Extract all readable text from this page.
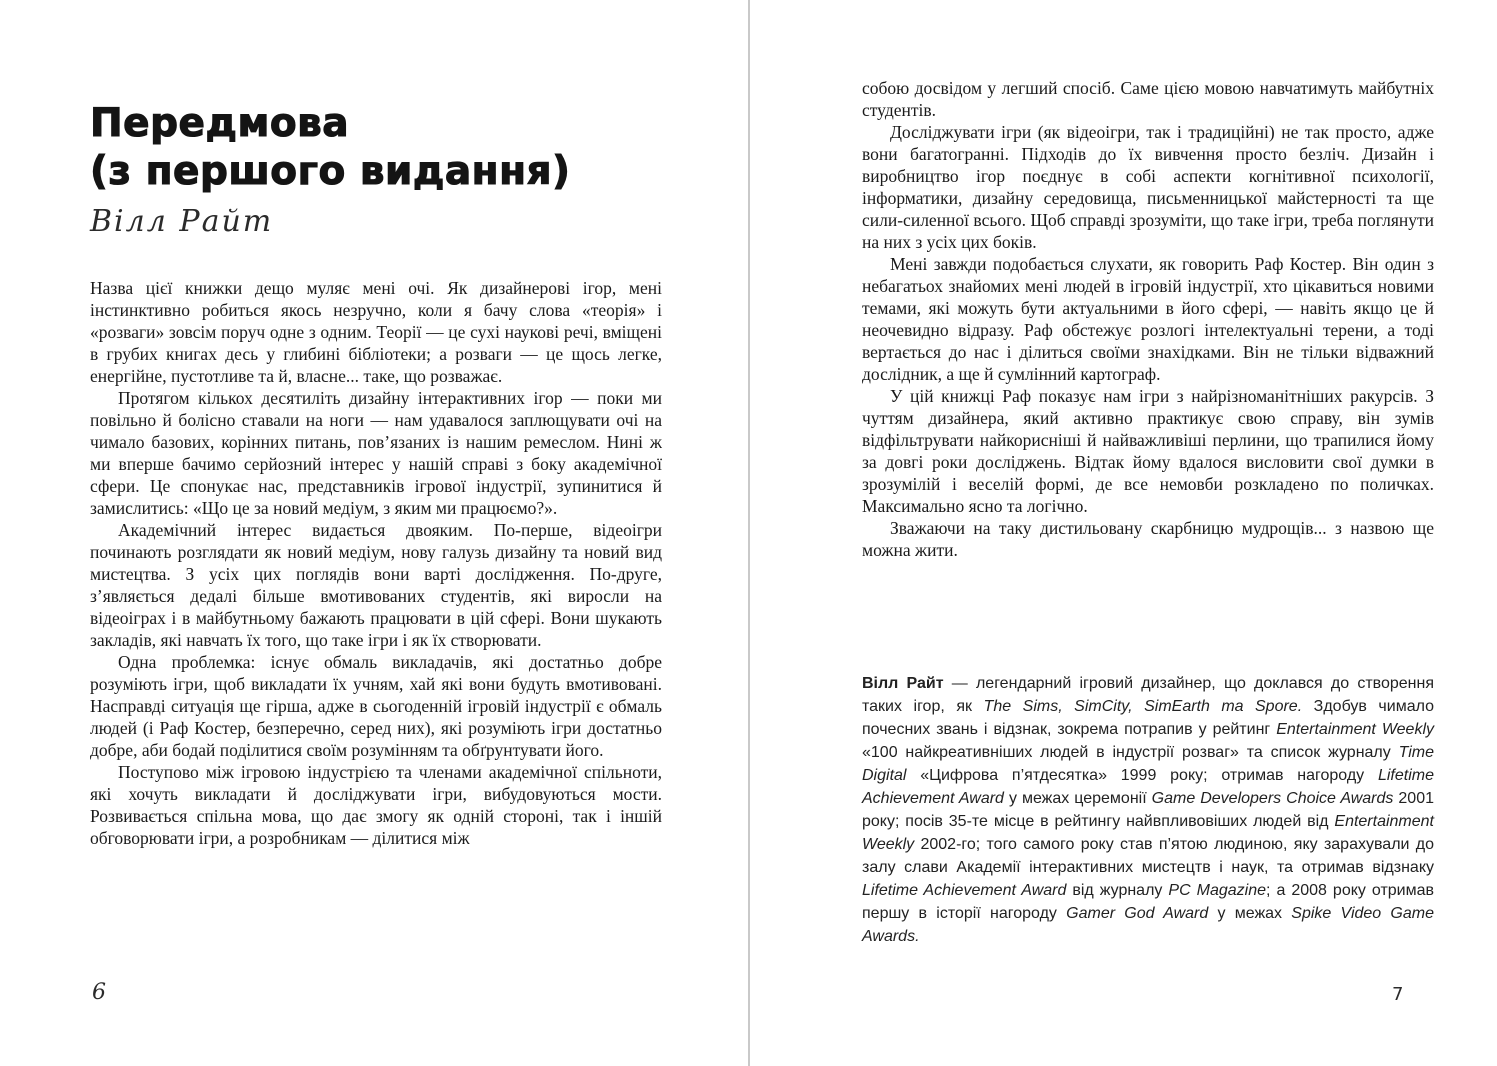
Передмова
(з першого видання)
Вілл Райт

Назва цієї книжки дещо муляє мені очі. Як дизайнерові ігор, мені інстинктивно робиться якось незручно, коли я бачу слова «теорія» і «розваги» зовсім поруч одне з одним. Теорії — це сухі наукові речі, вміщені в грубих книгах десь у глибині бібліотеки; а розваги — це щось легке, енергійне, пустотливе та й, власне... таке, що розважає.

Протягом кількох десятиліть дизайну інтерактивних ігор — поки ми повільно й болісно ставали на ноги — нам удавалося заплющувати очі на чимало базових, корінних питань, пов’язаних із нашим ремеслом. Нині ж ми вперше бачимо серйозний інтерес у нашій справі з боку академічної сфери. Це спонукає нас, представників ігрової індустрії, зупинитися й замислитись: «Що це за новий медіум, з яким ми працюємо?».

Академічний інтерес видається двояким. По-перше, відеоігри починають розглядати як новий медіум, нову галузь дизайну та новий вид мистецтва. З усіх цих поглядів вони варті дослідження. По-друге, з’являється дедалі більше вмотивованих студентів, які виросли на відеоіграх і в майбутньому бажають працювати в цій сфері. Вони шукають закладів, які навчать їх того, що таке ігри і як їх створювати.

Одна проблемка: існує обмаль викладачів, які достатньо добре розуміють ігри, щоб викладати їх учням, хай які вони будуть вмотивовані. Насправді ситуація ще гірша, адже в сьогоденній ігровій індустрії є обмаль людей (і Раф Костер, безперечно, серед них), які розуміють ігри достатньо добре, аби бодай поділитися своїм розумінням та обґрунтувати його.

Поступово між ігровою індустрією та членами академічної спільноти, які хочуть викладати й досліджувати ігри, вибудовуються мости. Розвивається спільна мова, що дає змогу як одній стороні, так і іншій обговорювати ігри, а розробникам — ділитися між

6

собою досвідом у легший спосіб. Саме цією мовою навчатимуть майбутніх студентів.

Досліджувати ігри (як відеоігри, так і традиційні) не так просто, адже вони багатогранні. Підходів до їх вивчення просто безліч. Дизайн і виробництво ігор поєднує в собі аспекти когнітивної психології, інформатики, дизайну середовища, письменницької майстерності та ще сили-силенної всього. Щоб справді зрозуміти, що таке ігри, треба поглянути на них з усіх цих боків.

Мені завжди подобається слухати, як говорить Раф Костер. Він один з небагатьох знайомих мені людей в ігровій індустрії, хто цікавиться новими темами, які можуть бути актуальними в його сфері, — навіть якщо це й неочевидно відразу. Раф обстежує розлогі інтелектуальні терени, а тоді вертається до нас і ділиться своїми знахідками. Він не тільки відважний дослідник, а ще й сумлінний картограф.

У цій книжці Раф показує нам ігри з найрізноманітніших ракурсів. З чуттям дизайнера, який активно практикує свою справу, він зумів відфільтрувати найкорисніші й найважливіші перлини, що трапилися йому за довгі роки досліджень. Відтак йому вдалося висловити свої думки в зрозумілій і веселій формі, де все немовби розкладено по поличках. Максимально ясно та логічно.

Зважаючи на таку дистильовану скарбницю мудрощів... з назвою ще можна жити.

Вілл Райт — легендарний ігровий дизайнер, що доклався до створення таких ігор, як The Sims, SimCity, SimEarth та Spore. Здобув чимало почесних звань і відзнак, зокрема потрапив у рейтинг Entertainment Weekly «100 найкреативніших людей в індустрії розваг» та список журналу Time Digital «Цифрова п’ятдесятка» 1999 року; отримав нагороду Lifetime Achievement Award у межах церемонії Game Developers Choice Awards 2001 року; посів 35-те місце в рейтингу найвпливовіших людей від Entertainment Weekly 2002-го; того самого року став п’ятою людиною, яку зарахували до залу слави Академії інтерактивних мистецтв і наук, та отримав відзнаку Lifetime Achievement Award від журналу PC Magazine; а 2008 року отримав першу в історії нагороду Gamer God Award у межах Spike Video Game Awards.
7
